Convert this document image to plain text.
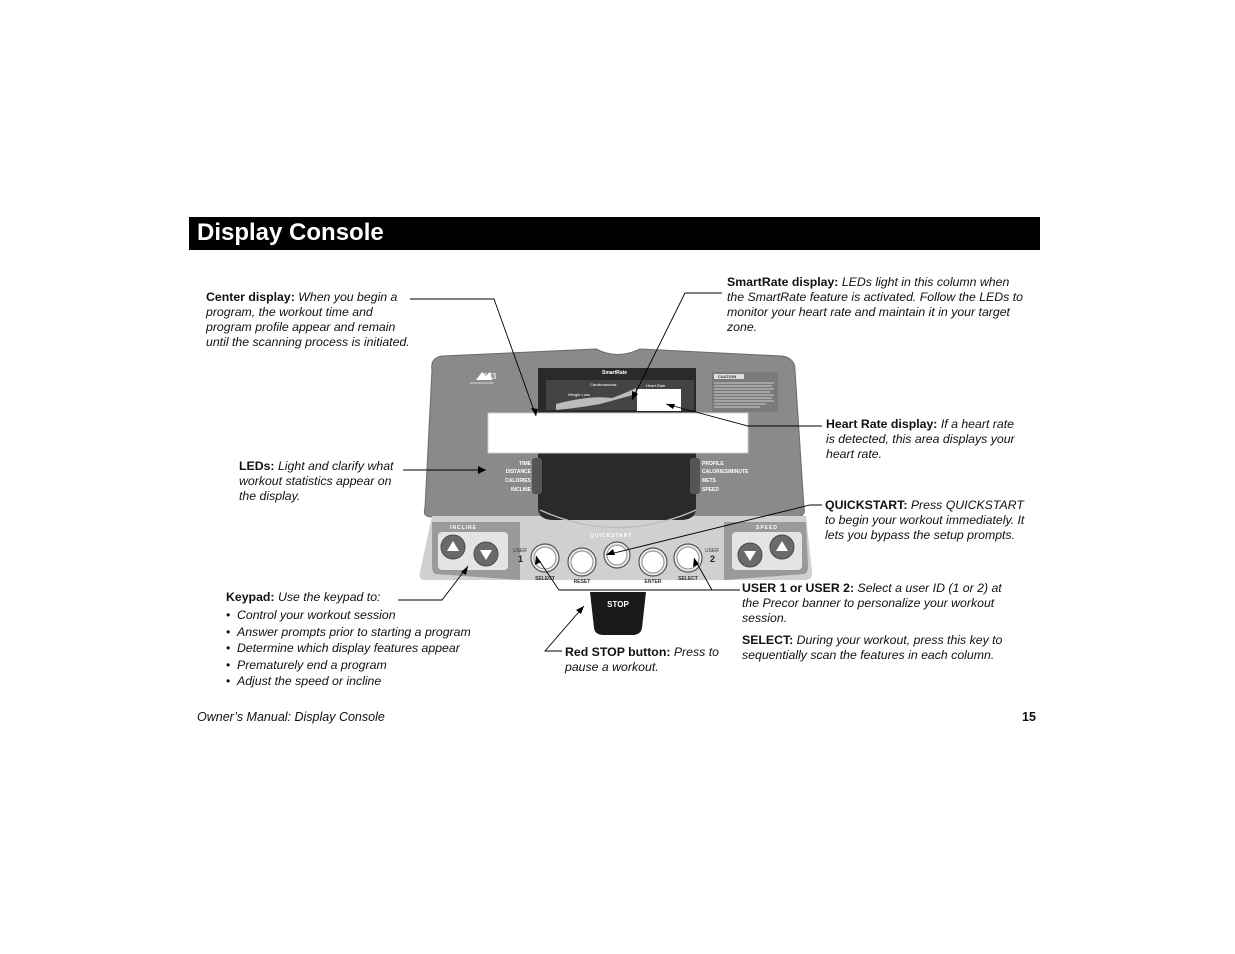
Display Console
933
www.precor.com
SmartRate
Cardiovascular
Weight Loss
Heart Rate
CAUTION
TIME
DISTANCE
CALORIES
INCLINE
PROFILE
CALORIES/MINUTE
METS
SPEED
INCLINE	SPEED
QUICKSTART
USER
1
USER
2
SELECT	RESET	ENTER	SELECT
STOP
Center display: When you begin a program, the workout time and program profile appear and remain until the scanning process is initiated.
SmartRate display: LEDs light in this column when the SmartRate feature is activated. Follow the LEDs to monitor your heart rate and maintain it in your target zone.
Heart Rate display: If a heart rate is detected, this area displays your heart rate.
LEDs: Light and clarify what workout statistics appear on the display.
QUICKSTART: Press QUICKSTART to begin your workout immediately. It lets you bypass the setup prompts.
Keypad: Use the keypad to:
• Control your workout session
• Answer prompts prior to starting a program
• Determine which display features appear
• Prematurely end a program
• Adjust the speed or incline
USER 1 or USER 2: Select a user ID (1 or 2) at the Precor banner to personalize your workout session.
SELECT: During your workout, press this key to sequentially scan the features in each column.
Red STOP button: Press to pause a workout.
Owner’s Manual: Display Console	15
